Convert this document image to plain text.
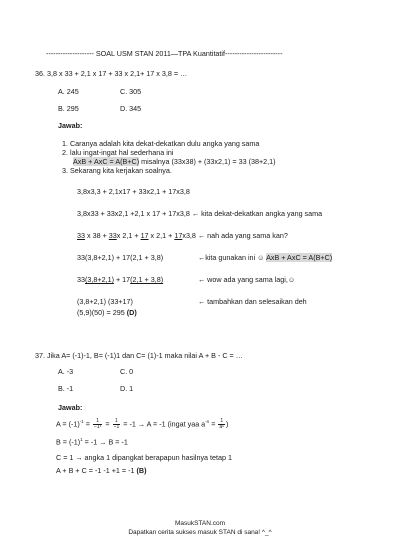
-------------------- SOAL USM STAN 2011—TPA Kuantitatif------------------------
36. 3,8 x 33 + 2,1 x 17 + 33 x 2,1+ 17 x 3,8 = …
A. 245	C. 305
B. 295	D. 345
Jawab:
1. Caranya adalah kita dekat-dekatkan dulu angka yang sama
2. lalu ingat-ingat hal sederhana ini
AxB + AxC = A(B+C) misalnya (33x38) + (33x2,1) = 33 (38+2,1)
3. Sekarang kita kerjakan soalnya.
3,8x3,3 + 2,1x17 + 33x2,1 + 17x3,8
3,8x33 + 33x2,1 +2,1 x 17 + 17x3,8 ← kita dekat-dekatkan angka yang sama
33 x 38 + 33x 2,1 + 17 x 2,1 + 17x3,8 ← nah ada yang sama kan?
33(3,8+2,1) + 17(2,1 + 3,8)	←kita gunakan ini ☺ AxB + AxC = A(B+C)
33(3,8+2,1) + 17(2,1 + 3,8)	← wow ada yang sama lagi,☺
(3,8+2,1) (33+17)	← tambahkan dan selesaikan deh
(5,9)(50) = 295 (D)
37. Jika A= (-1)-1, B= (-1)1 dan C= (1)-1 maka nilai A + B - C = …
A. -3	C. 0
B. -1	D. 1
Jawab:
$A = (-1)^{-1} = \frac{1}{\text{−1¹}} = \frac{1}{-1} = -1 \to A = -1$ (ingat yaa $a^{-n} = \frac{1}{\text{aⁿ}}$ )
$B = (-1)^1 = -1 \to B = -1$
C = 1 → angka 1 dipangkat berapapun hasilnya tetap 1
A + B + C = -1 -1 +1 = -1 (B)
MasukSTAN.com
Dapatkan cerita sukses masuk STAN di sana! ^_^
